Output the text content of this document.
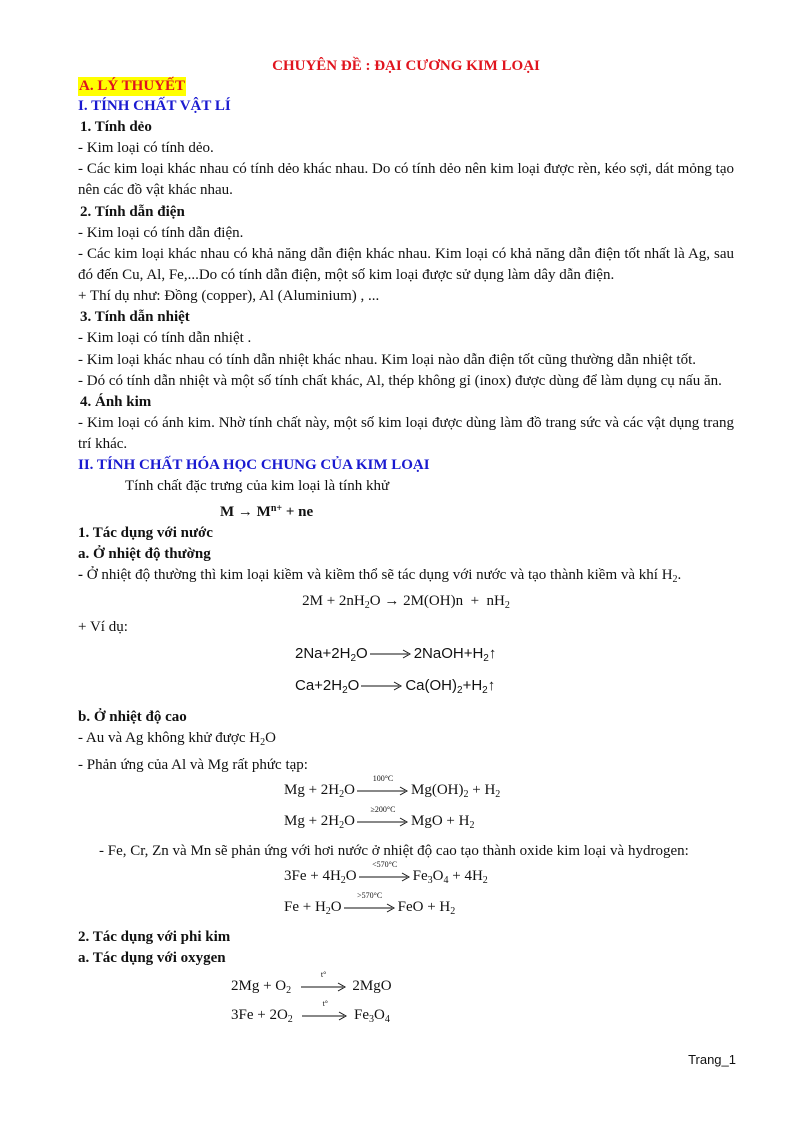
CHUYÊN ĐỀ : ĐẠI CƯƠNG KIM LOẠI
A. LÝ THUYẾT
I. TÍNH CHẤT VẬT LÍ
1. Tính dẻo

- Kim loại có tính dẻo.

- Các kim loại khác nhau có tính dẻo khác nhau. Do có tính dẻo nên kim loại được rèn, kéo sợi, dát mỏng tạo nên các đồ vật khác nhau.

2. Tính dẫn điện

- Kim loại có tính dẫn điện.

- Các kim loại khác nhau có khả năng dẫn điện khác nhau. Kim loại có khả năng dẫn điện tốt nhất là Ag, sau đó đến Cu, Al, Fe,...Do có tính dẫn điện, một số kim loại được sử dụng làm dây dẫn điện.

+ Thí dụ như: Đồng (copper), Al (Aluminium) , ...

3. Tính dẫn nhiệt

- Kim loại có tính dẫn nhiệt .

- Kim loại khác nhau có tính dẫn nhiệt khác nhau. Kim loại nào dẫn điện tốt cũng thường dẫn nhiệt tốt.

- Dó có tính dẫn nhiệt và một số tính chất khác, Al, thép không gỉ (inox) được dùng để làm dụng cụ nấu ăn.

4. Ánh kim

- Kim loại có ánh kim. Nhờ tính chất này, một số kim loại được dùng làm đồ trang sức và các vật dụng trang trí khác.

II. TÍNH CHẤT HÓA HỌC CHUNG CỦA KIM LOẠI

Tính chất đặc trưng của kim loại là tính khử

$M \to M^{n+}$ + ne
1. Tác dụng với nước
a. Ở nhiệt độ thường

- Ở nhiệt độ thường thì kim loại kiềm và kiềm thổ sẽ tác dụng với nước và tạo thành kiềm và khí $H_2$.

$2M + 2nH_2O \to 2M(OH)n + nH_2$

+ Ví dụ:

$2Na+2H_2O$	$2NaOH+H_2↑$
$Ca+2H_2O$	$Ca(OH)_2+H_2↑$
b. Ở nhiệt độ cao

- Au và Ag không khử được $H_2O$

- Phản ứng của Al và Mg rất phức tạp:

$Mg + 2H_2O$
100°C
$Mg(OH)_2 + H_2$
$Mg + 2H_2O$
≥200°C
MgO + $H_2$

- Fe, Cr, Zn và Mn sẽ phản ứng với hơi nước ở nhiệt độ cao tạo thành oxide kim loại và hydrogen:

$3Fe + 4H_2O$
<570°C
$Fe_3O_4 + 4H_2$
$Fe + H_2O$
>570°C
FeO + $H_2$
2. Tác dụng với phi kim
a. Tác dụng với oxygen
$2Mg + O_2$
t°
2MgO
$3Fe + 2O_2$
t°
$Fe_3O_4$
Trang_1
